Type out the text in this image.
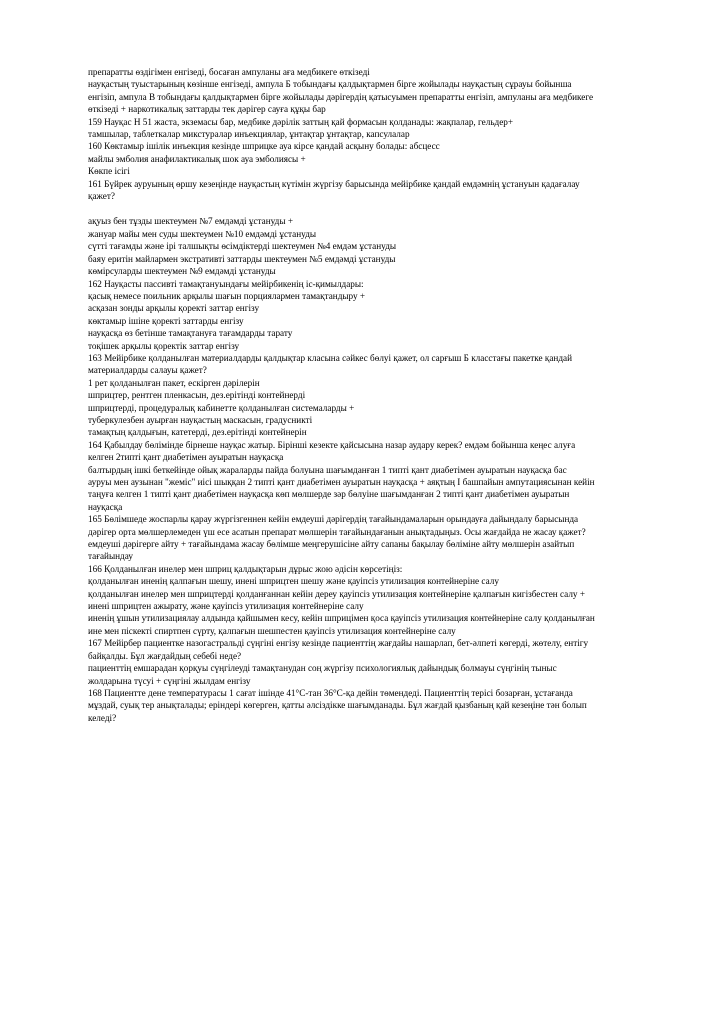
препаратты өздігімен енгізеді, босаған ампуланы аға медбикеге өткізеді
науқастың туыстарының көзінше енгізеді, ампула Б тобындағы қалдықтармен бірге жойылады науқастың сұрауы бойынша
енгізіп, ампула В тобындағы қалдықтармен бірге жойылады дәрігердің қатысуымен препаратты енгізіп, ампуланы аға медбикеге
өткізеді + наркотикалық заттарды тек дәрігер сауға құқы бар
159 Науқас Н 51 жаста, экземасы бар, медбике дәрілік заттың қай формасын қолданады: жақпалар, гельдер+
тамшылар, таблеткалар микстуралар инъекциялар, ұнтақтар ұнтақтар, капсулалар
160 Көктамыр ішілік инъекция кезінде шприцке ауа кірсе қандай асқыну болады: абсцесс
майлы эмболия анафилактикалық шок ауа эмболиясы +
Көкпе ісігі
161 Бүйрек ауруының өршу кезеңінде науқастың күтімін жүргізу барысында мейірбике қандай емдәмнің ұстануын қадағалау
қажет?
ақуыз бен тұзды шектеумен №7 емдәмді ұстануды +
жануар майы мен суды шектеумен №10 емдәмді ұстануды
сүтті тағамды және ірі талшықты өсімдіктерді шектеумен №4 емдәм ұстануды
баяу еритін майлармен экстративті заттарды шектеумен №5 емдәмді ұстануды
көмірсуларды шектеумен №9 емдәмді ұстануды
162 Науқасты пассивті тамақтануындағы мейірбикенің іс-қимылдары:
қасық немесе поильник арқылы шағын порциялармен тамақтандыру +
асқазан зонды арқылы қоректі заттар енгізу
көктамыр ішіне қоректі заттарды енгізу
науқасқа өз бетінше тамақтануға тағамдарды тарату
тоқішек арқылы қоректік заттар енгізу
163 Мейірбике қолданылған материалдарды қалдықтар класына сәйкес бөлуі қажет, ол сарғыш Б класстағы пакетке қандай
материалдарды салауы қажет?
1 рет қолданылған пакет, ескірген дәрілерін
шприцтер, рентген пленкасын, дез.ерітінді контейнерді
шприцтерді, процедуралық кабинетте қолданылған системаларды +
туберкулезбен ауырған науқастың маскасын, градусникті
тамақтың қалдығын, катетерді, дез.ерітінді контейнерін
164 Қабылдау бөлімінде бірнеше науқас жатыр. Біріншi кезекте қайсысына назар аудару керек? емдәм бойынша кеңес алуға
келген 2типті қант диабетімен ауыратын науқасқа
балтырдың ішкі беткейінде ойық жараларды пайда болуына шағымданған 1 типті қант диабетімен ауыратын науқасқа бас
ауруы мен аузынан "жеміс" иісі шыққан 2 типті қант диабетімен ауыратын науқасқа + аяқтың I башпайын ампутациясынан кейін
таңуға келген 1 типті қант диабетімен науқасқа көп мөлшерде зәр бөлуіне шағымданған 2 типті қант диабетімен ауыратын
науқасқа
165 Бөлімшеде жоспарлы қарау жүргізгеннен кейін емдеуші дәрігердің тағайындамаларын орындауға дайындалу барысында
дәрігер орта мөлшерлемеден үш есе асатын препарат мөлшерін тағайындағанын анықтадыңыз. Осы жағдайда не жасау қажет?
емдеуші дәрігерге айту + тағайындама жасау бөлімше меңгерушісіне айту сапаны бақылау бөліміне айту мөлшерін азайтып
тағайындау
166 Қолданылған инелер мен шприц қалдықтарын дұрыс жою әдісін көрсетіңіз:
қолданылған иненің қалпағын шешу, инені шприцтен шешу және қауіпсіз утилизация контейнеріне салу
қолданылған инелер мен шприцтерді қолданғаннан кейін дереу қауіпсіз утилизация контейнеріне қалпағын кигізбестен салу +
инені шприцтен ажырату, және қауіпсіз утилизация контейнеріне салу
иненің ұшын утилизациялау алдында қайшымен кесу, кейін шприцімен қоса қауіпсіз утилизация контейнеріне салу қолданылған
ине мен піскекті спиртпен сүрту, қалпағын шешпестен қауіпсіз утилизация контейнеріне салу
167 Мейірбер пациентке назогастральді сүңгіні енгізу кезінде пациенттің жағдайы нашарлап, бет-әлпеті көгерді, жөтелу, ентігу
байқалды. Бұл жағдайдың себебі неде?
пациенттің емшарадан қорқуы сүңгілеуді тамақтанудан соң жүргізу психологиялық дайындық болмауы сүңгінің тыныс
жолдарына түсуі + сүңгіні жылдам енгізу
168 Пациентте дене температурасы 1 сағат ішінде 41°С-тан 36°С-қа дейін төмендеді. Пациенттің терісі бозарған, ұстағанда
мұздай, суық тер анықталады; еріндері көгерген, қатты әлсіздікке шағымданады. Бұл жағдай қызбаның қай кезеңіне тән болып
келеді?
